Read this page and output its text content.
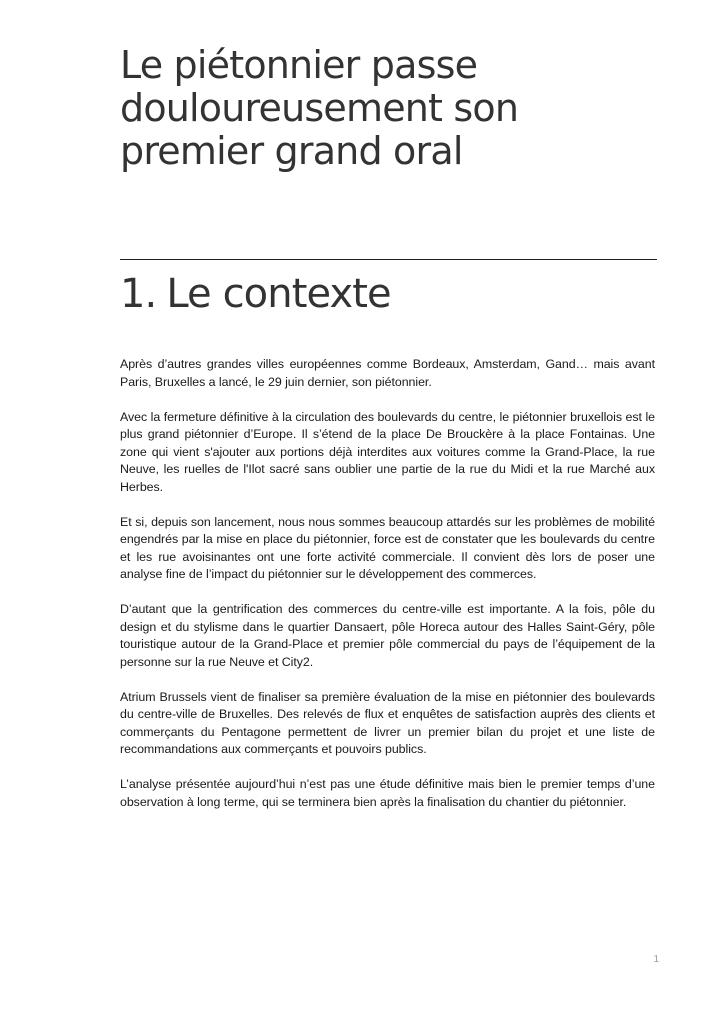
Le piétonnier passe douloureusement son premier grand oral
1. Le contexte

Après d’autres grandes villes européennes comme Bordeaux, Amsterdam, Gand… mais avant Paris, Bruxelles a lancé, le 29 juin dernier, son piétonnier.

Avec la fermeture définitive à la circulation des boulevards du centre, le piétonnier bruxellois est le plus grand piétonnier d’Europe. Il s’étend de la place De Brouckère à la place Fontainas. Une zone qui vient s'ajouter aux portions déjà interdites aux voitures comme la Grand-Place, la rue Neuve, les ruelles de l'Ilot sacré sans oublier une partie de la rue du Midi et la rue Marché aux Herbes.

Et si, depuis son lancement, nous nous sommes beaucoup attardés sur les problèmes de mobilité engendrés par la mise en place du piétonnier, force est de constater que les boulevards du centre et les rue avoisinantes ont une forte activité commerciale. Il convient dès lors de poser une analyse fine de l’impact du piétonnier sur le développement des commerces.

D’autant que la gentrification des commerces du centre-ville est importante. A la fois, pôle du design et du stylisme dans le quartier Dansaert, pôle Horeca autour des Halles Saint-Géry, pôle touristique autour de la Grand-Place et premier pôle commercial du pays de l’équipement de la personne sur la rue Neuve et City2.

Atrium Brussels vient de finaliser sa première évaluation de la mise en piétonnier des boulevards du centre-ville de Bruxelles. Des relevés de flux et enquêtes de satisfaction auprès des clients et commerçants du Pentagone permettent de livrer un premier bilan du projet et une liste de recommandations aux commerçants et pouvoirs publics.

L’analyse présentée aujourd’hui n’est pas une étude définitive mais bien le premier temps d’une observation à long terme, qui se terminera bien après la finalisation du chantier du piétonnier.

1
